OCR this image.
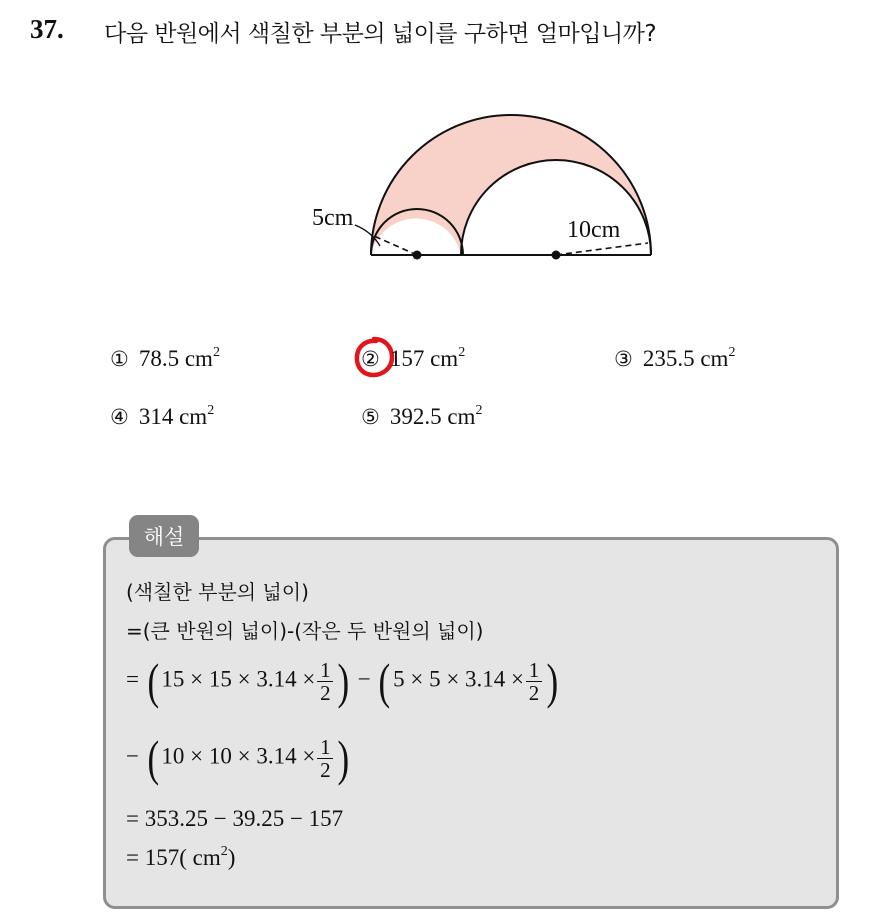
37. 다음 반원에서 색칠한 부분의 넓이를 구하면 얼마입니까?
5cm	10cm
① 78.5 $cm^2$	② 157 $cm^2$	③ 235.5 $cm^2$
④ 314 $cm^2$	⑤ 392.5 $cm^2$
해설
(색칠한 부분의 넓이)
=(큰 반원의 넓이)-(작은 두 반원의 넓이)
= ( $15 \times 15 \times 3.14 \times \frac{1}{2}$ ) − ( $5 \times 5 \times 3.14 \times \frac{1}{2}$ )
− ( $10 \times 10 \times 3.14 \times \frac{1}{2}$ )
= 353.25 − 39.25 − 157
= 157( $cm^2$)
